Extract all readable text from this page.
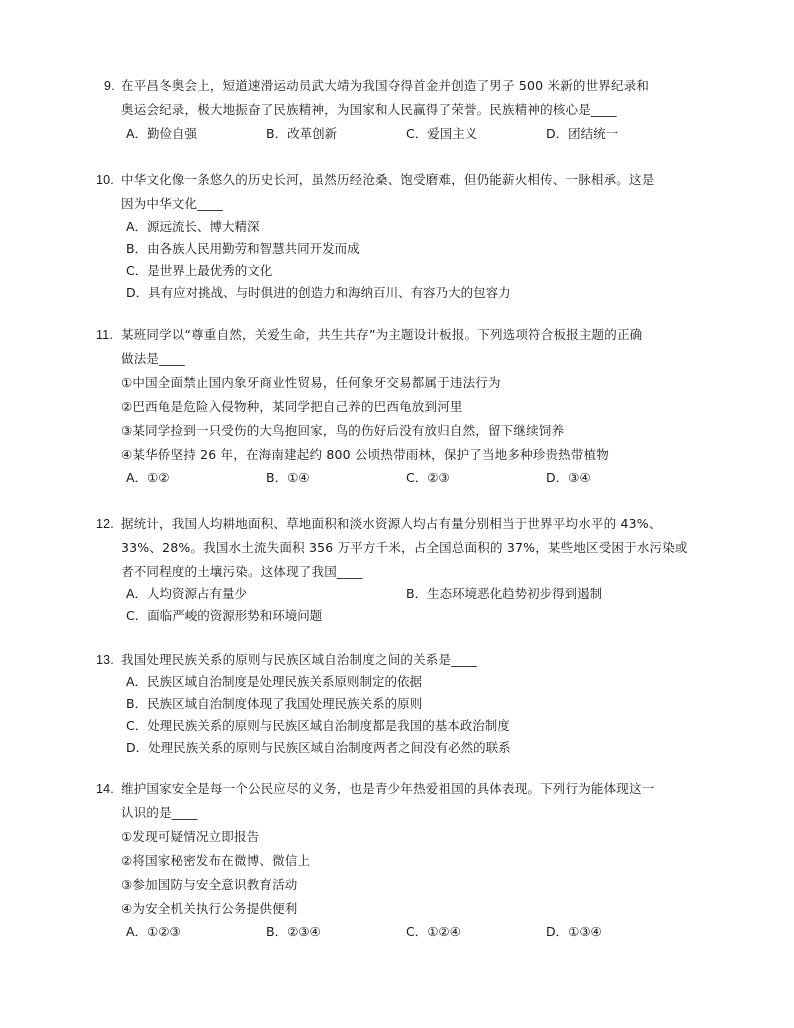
9. 在平昌冬奥会上，短道速滑运动员武大靖为我国夺得首金并创造了男子 500 米新的世界纪录和
奥运会纪录，极大地振奋了民族精神，为国家和人民赢得了荣誉。民族精神的核心是____
A．勤俭自强	B．改革创新	C．爱国主义	D．团结统一
10. 中华文化像一条悠久的历史长河，虽然历经沧桑、饱受磨难，但仍能薪火相传、一脉相承。这是
因为中华文化____
A．源远流长、博大精深
B．由各族人民用勤劳和智慧共同开发而成
C．是世界上最优秀的文化
D．具有应对挑战、与时俱进的创造力和海纳百川、有容乃大的包容力
11. 某班同学以“尊重自然，关爱生命，共生共存”为主题设计板报。下列选项符合板报主题的正确
做法是____
①中国全面禁止国内象牙商业性贸易，任何象牙交易都属于违法行为
②巴西龟是危险入侵物种，某同学把自己养的巴西龟放到河里
③某同学捡到一只受伤的大鸟抱回家，鸟的伤好后没有放归自然，留下继续饲养
④某华侨坚持 26 年，在海南建起约 800 公顷热带雨林，保护了当地多种珍贵热带植物
A．①②	B．①④	C．②③	D．③④
12. 据统计，我国人均耕地面积、草地面积和淡水资源人均占有量分别相当于世界平均水平的 43%、
33%、28%。我国水土流失面积 356 万平方千米，占全国总面积的 37%，某些地区受困于水污染或
者不同程度的土壤污染。这体现了我国____
A．人均资源占有量少	B．生态环境恶化趋势初步得到遏制
C．面临严峻的资源形势和环境问题
13. 我国处理民族关系的原则与民族区域自治制度之间的关系是____
A．民族区域自治制度是处理民族关系原则制定的依据
B．民族区域自治制度体现了我国处理民族关系的原则
C．处理民族关系的原则与民族区域自治制度都是我国的基本政治制度
D．处理民族关系的原则与民族区域自治制度两者之间没有必然的联系
14. 维护国家安全是每一个公民应尽的义务，也是青少年热爱祖国的具体表现。下列行为能体现这一
认识的是____
①发现可疑情况立即报告
②将国家秘密发布在微博、微信上
③参加国防与安全意识教育活动
④为安全机关执行公务提供便利
A．①②③	B．②③④	C．①②④	D．①③④
